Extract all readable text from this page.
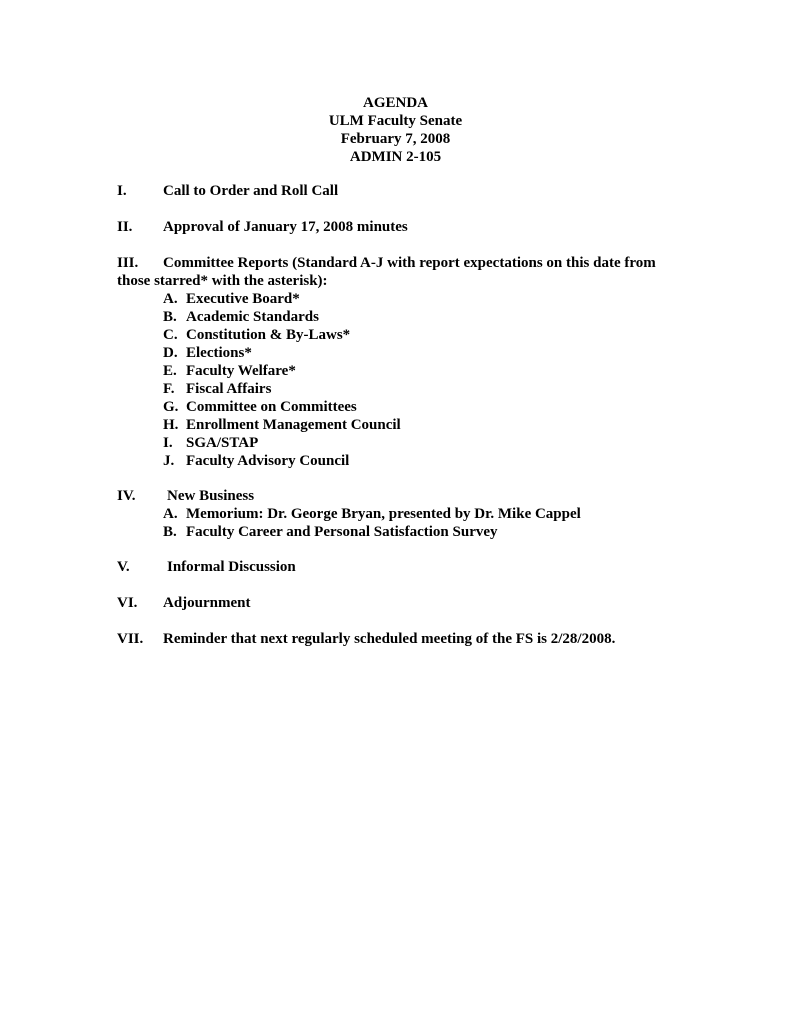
AGENDA
ULM Faculty Senate
February 7, 2008
ADMIN 2-105
I. Call to Order and Roll Call
II. Approval of January 17, 2008 minutes
III. Committee Reports (Standard A-J with report expectations on this date from
those starred* with the asterisk):
A. Executive Board*
B. Academic Standards
C. Constitution & By-Laws*
D. Elections*
E. Faculty Welfare*
F. Fiscal Affairs
G. Committee on Committees
H. Enrollment Management Council
I. SGA/STAP
J. Faculty Advisory Council
IV. New Business
A. Memorium: Dr. George Bryan, presented by Dr. Mike Cappel
B. Faculty Career and Personal Satisfaction Survey
V. Informal Discussion
VI. Adjournment
VII. Reminder that next regularly scheduled meeting of the FS is 2/28/2008.
